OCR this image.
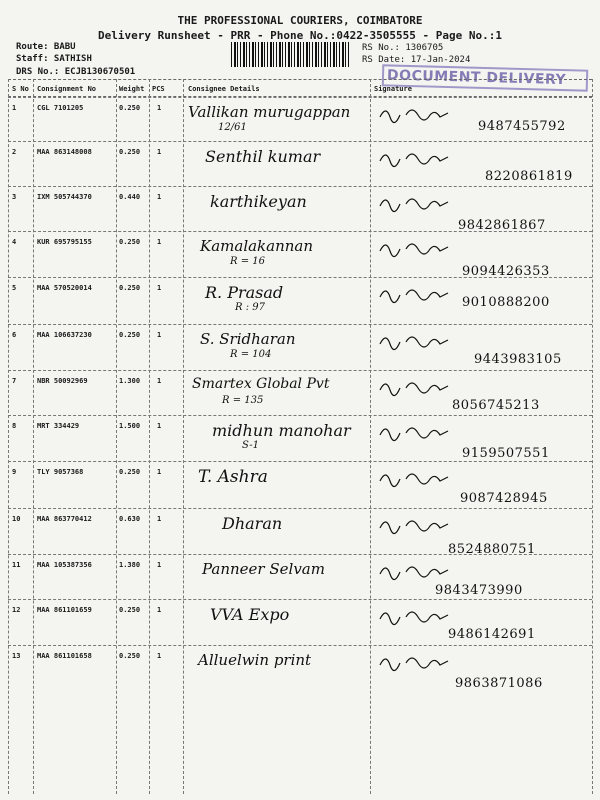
THE PROFESSIONAL COURIERS, COIMBATORE
Delivery Runsheet - PRR - Phone No.:0422-3505555 - Page No.:1
Route: BABU
Staff: SATHISH
DRS No.: ECJB130670501
RS No.: 1306705
RS Date: 17-Jan-2024
DOCUMENT DELIVERY
S No Consignment No	Weight PCS	Consignee Details	Signature
1	CGL 7101205	0.250 1 Vallikan murugappan
12/61	9487455792
2	MAA 863148008	0.250 1	Senthil kumar
8220861819
3	IXM 505744370	0.440 1	karthikeyan
9842861867
4	KUR 695795155	0.250 1	Kamalakannan
R = 16
9094426353
5	MAA 570520014	0.250 1	R. Prasad
R : 97	9010888200
6	MAA 106637230	0.250 1	S. Sridharan
R = 104	9443983105
7	NBR 50092969	1.300 1 Smartex Global Pvt
R = 135	8056745213
8	MRT 334429	1.500 1	midhun manohar
S-1
9159507551
9	TLY 9057368	0.250 1 T. Ashra
9087428945
10 MAA 863770412	0.630 1	Dharan
8524880751
11 MAA 105387356	1.380 1	Panneer Selvam
9843473990
12 MAA 861101659	0.250 1	VVA Expo
9486142691
13 MAA 861101658	0.250 1 Alluelwin print
9863871086
